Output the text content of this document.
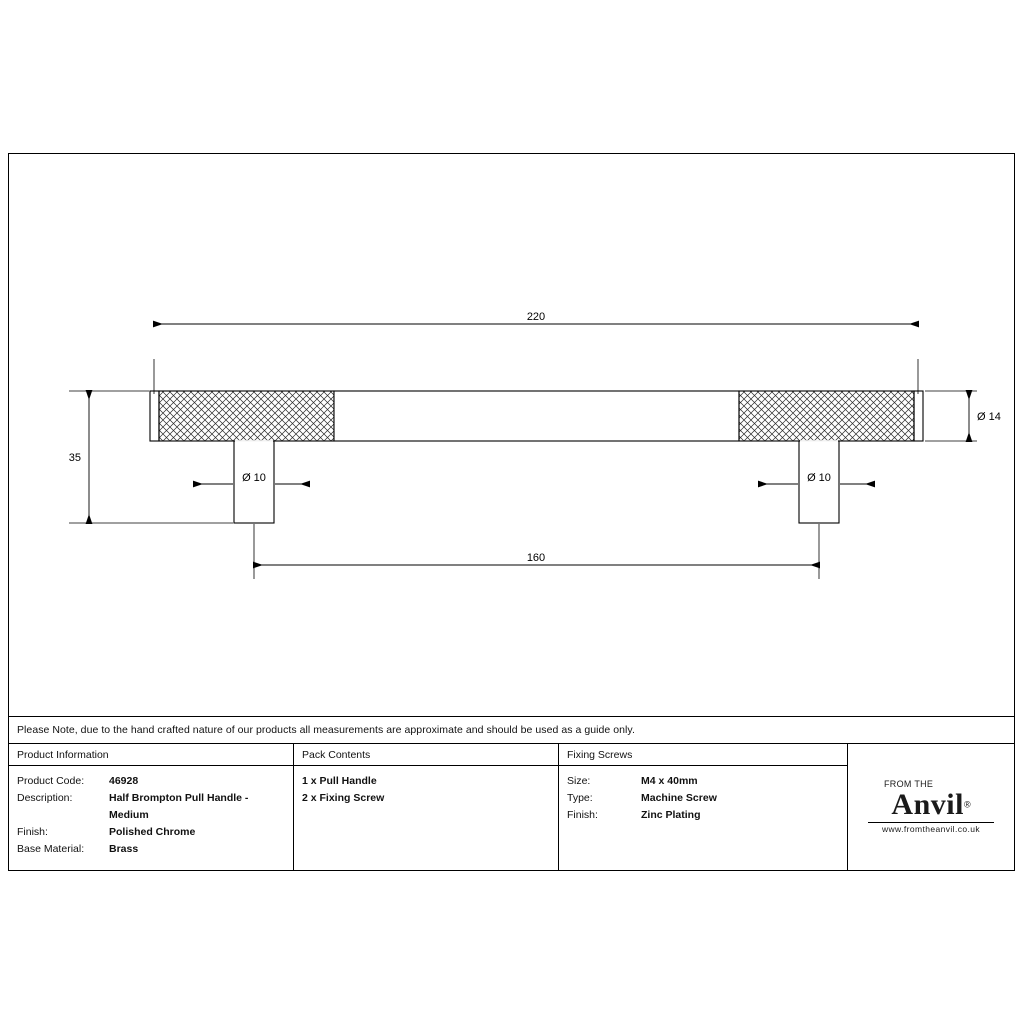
220
35
Ø 14
Ø 10	Ø 10
160
Please Note, due to the hand crafted nature of our products all measurements are approximate and should be used as a guide only.
Product Information
Product Code:	46928
Description:	Half Brompton Pull Handle - Medium
Finish:	Polished Chrome
Base Material:	Brass
Pack Contents
1 x Pull Handle
2 x Fixing Screw
Fixing Screws
Size:	M4 x 40mm
Type:	Machine Screw
Finish:	Zinc Plating
FROM THE
Anvil®
www.fromtheanvil.co.uk
